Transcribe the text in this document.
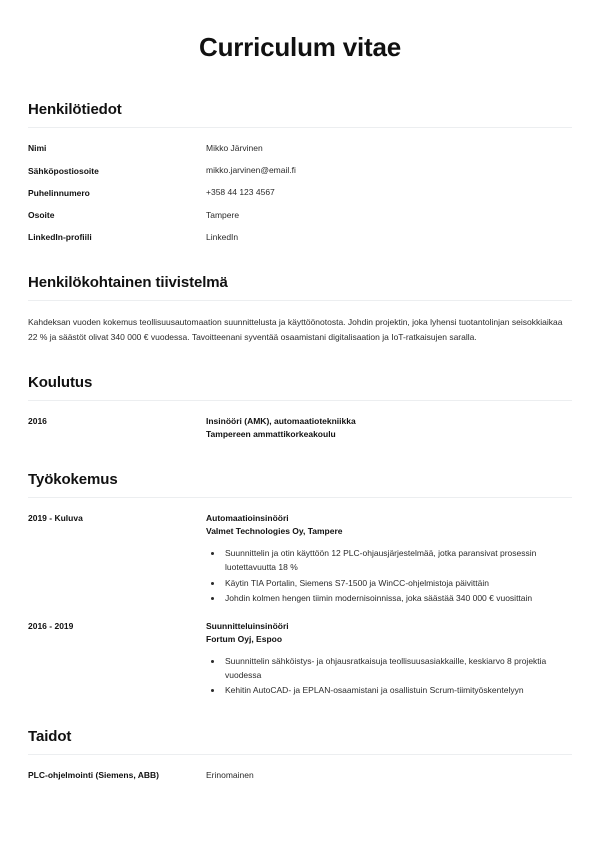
Curriculum vitae
Henkilötiedot
Nimi	Mikko Järvinen
Sähköpostiosoite	mikko.jarvinen@email.fi
Puhelinnumero	+358 44 123 4567
Osoite	Tampere
LinkedIn-profiili	LinkedIn
Henkilökohtainen tiivistelmä

Kahdeksan vuoden kokemus teollisuusautomaation suunnittelusta ja käyttöönotosta. Johdin projektin, joka lyhensi tuotantolinjan seisokkiaikaa 22 % ja säästöt olivat 340 000 € vuodessa. Tavoitteenani syventää osaamistani digitalisaation ja IoT-ratkaisujen saralla.

Koulutus
2016	Insinööri (AMK), automaatiotekniikka
Tampereen ammattikorkeakoulu
Työkokemus
2019 - Kuluva	Automaatioinsinööri
Valmet Technologies Oy, Tampere
• Suunnittelin ja otin käyttöön 12 PLC-ohjausjärjestelmää, jotka paransivat prosessin luotettavuutta 18 %
• Käytin TIA Portalin, Siemens S7-1500 ja WinCC-ohjelmistoja päivittäin
• Johdin kolmen hengen tiimin modernisoinnissa, joka säästää 340 000 € vuosittain
2016 - 2019	Suunnitteluinsinööri
Fortum Oyj, Espoo
• Suunnittelin sähköistys- ja ohjausratkaisuja teollisuusasiakkaille, keskiarvo 8 projektia vuodessa
• Kehitin AutoCAD- ja EPLAN-osaamistani ja osallistuin Scrum-tiimityöskentelyyn
Taidot
PLC-ohjelmointi (Siemens, ABB)	Erinomainen
